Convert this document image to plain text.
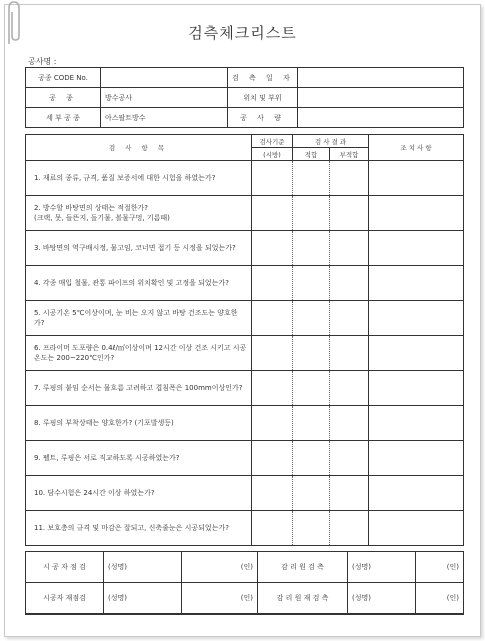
검측체크리스트
공사명 :
공종 CODE No.		검 측 일 자	
공 종	방수공사	위치 및 부위	
세 부 공 종	아스팔트방수	공 사 량	
검 사 항 목	검사기준	검 사 결 과		조 치 사 항
	(시방)	적합	부적합	
1. 재료의 종류, 규격, 품질 보증서에 대한 시험을 하였는가?				
2. 방수할 바탕면의 상태는 적절한가?
(크랙, 못, 들뜬지, 돌기물, 볼물구멍, 기름때)				
3. 바탕면의 역구배시정, 물고임, 코너면 접기 등 시정을 되었는가?				
4. 각종 매입 철물, 관통 파이프의 위치확인 및 고정을 되었는가?				
5. 시공기온 5℃이상이며, 눈 비는 오지 않고 바탕 건조도는 양호한가?				
6. 프라이머 도포량은 0.4ℓ/㎡이상이며 12시간 이상 건조 시키고 시공온도는 200~220℃인가?				
7. 루핑의 붙임 순서는 물흐름 고려하고 겹침폭은 100mm이상인가?				
8. 루핑의 부착상태는 양호한가? (기포발생등)				
9. 펠트, 루핑은 서로 직교하도록 시공하였는가?				
10. 담수시험은 24시간 이상 하였는가?				
11. 보호층의 규격 및 마감은 잘되고, 신축줄눈은 시공되었는가?				
시 공 자 점 검	(성명)	(인)	감 리 원 검 측	(성명)	(인)
시공자 재점검	(성명)	(인)	감 리 원 재 검 측	(성명)	(인)
